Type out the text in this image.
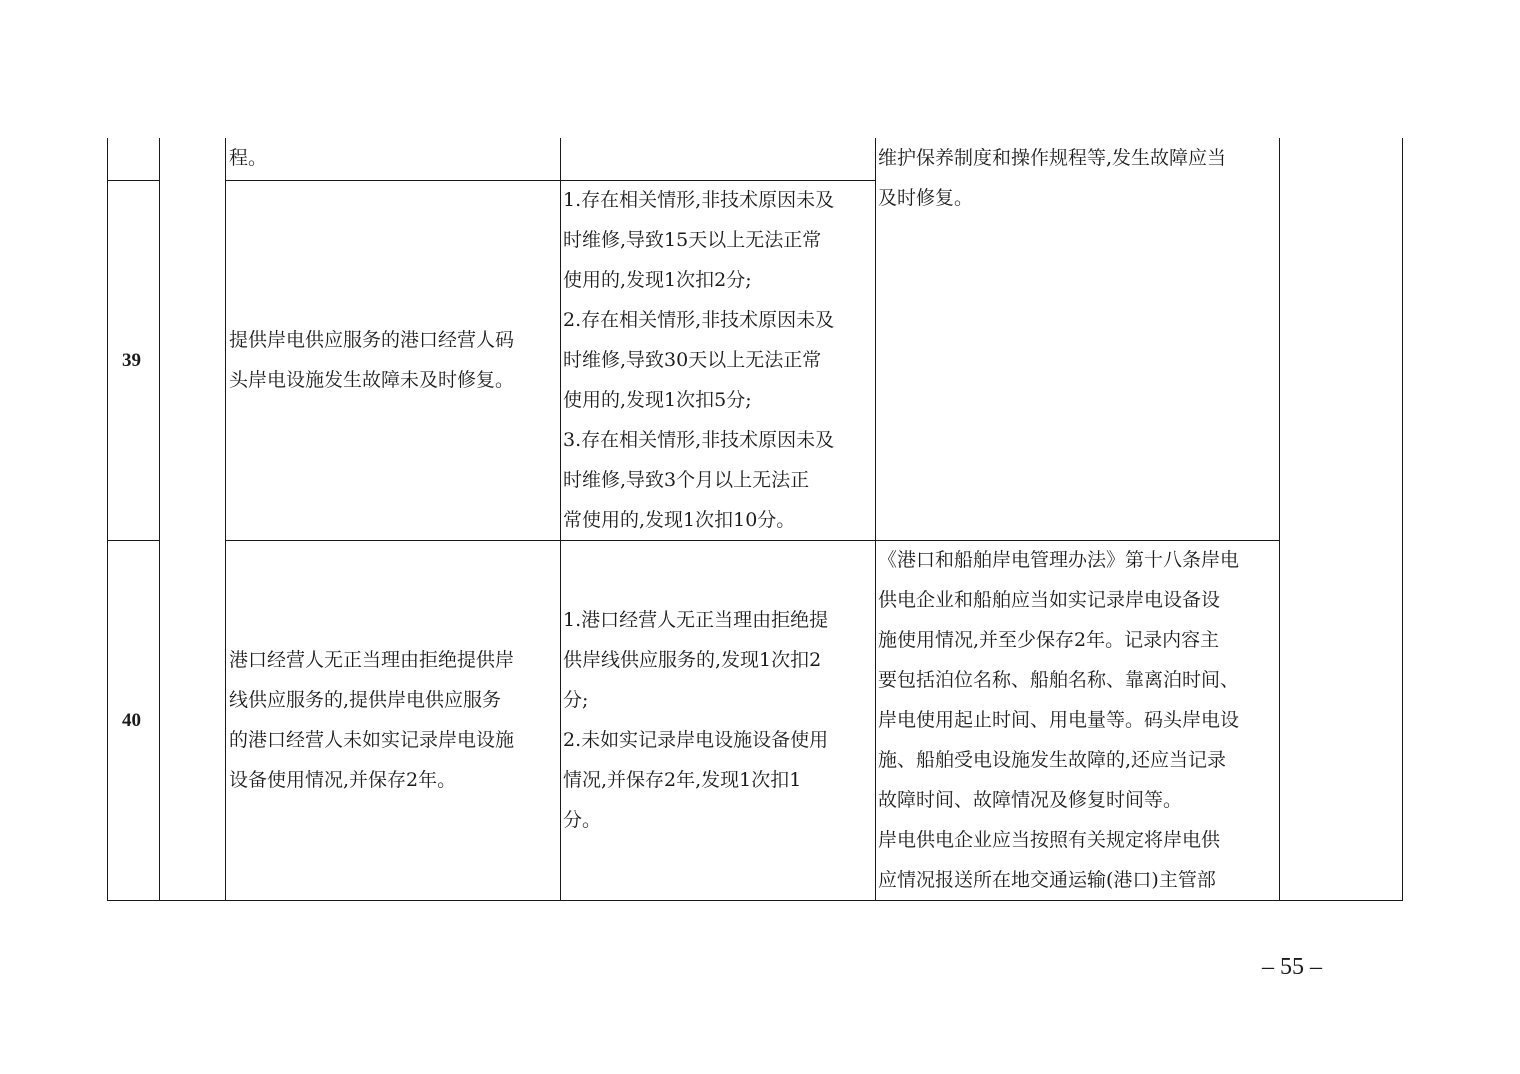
程。	维护保养制度和操作规程等,发生故障应当
及时修复。
39
提供岸电供应服务的港口经营人码
头岸电设施发生故障未及时修复。
1.存在相关情形,非技术原因未及
时维修,导致15天以上无法正常
使用的,发现1次扣2分;
2.存在相关情形,非技术原因未及
时维修,导致30天以上无法正常
使用的,发现1次扣5分;
3.存在相关情形,非技术原因未及
时维修,导致3个月以上无法正
常使用的,发现1次扣10分。
40
港口经营人无正当理由拒绝提供岸
线供应服务的,提供岸电供应服务
的港口经营人未如实记录岸电设施
设备使用情况,并保存2年。
1.港口经营人无正当理由拒绝提
供岸线供应服务的,发现1次扣2
分;
2.未如实记录岸电设施设备使用
情况,并保存2年,发现1次扣1
分。
《港口和船舶岸电管理办法》第十八条岸电
供电企业和船舶应当如实记录岸电设备设
施使用情况,并至少保存2年。记录内容主
要包括泊位名称、船舶名称、靠离泊时间、
岸电使用起止时间、用电量等。码头岸电设
施、船舶受电设施发生故障的,还应当记录
故障时间、故障情况及修复时间等。
岸电供电企业应当按照有关规定将岸电供
应情况报送所在地交通运输(港口)主管部
– 55 –
